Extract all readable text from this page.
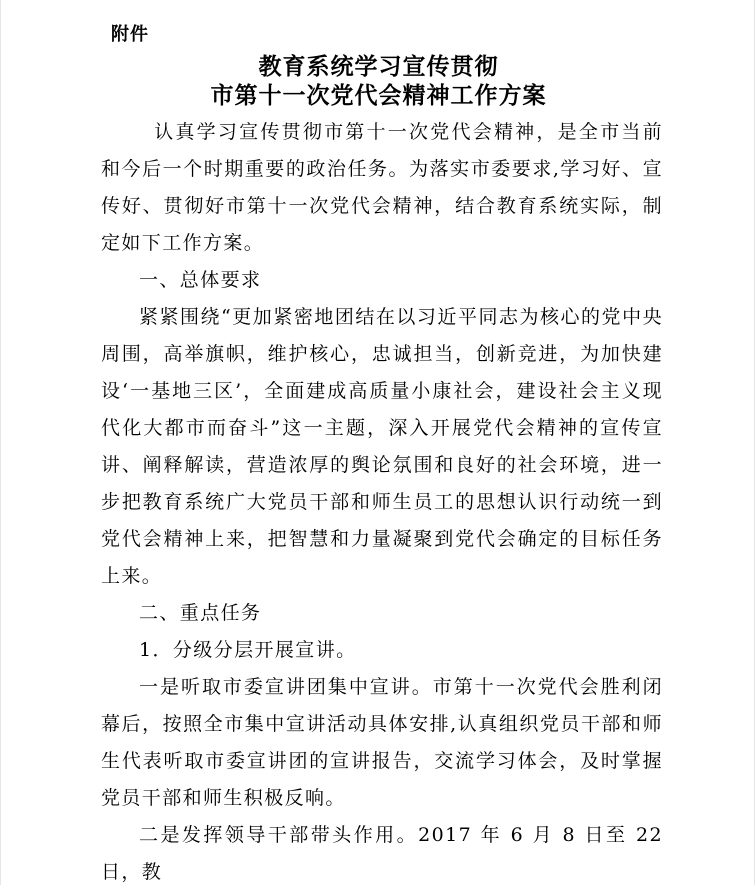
附件
教育系统学习宣传贯彻
市第十一次党代会精神工作方案

认真学习宣传贯彻市第十一次党代会精神，是全市当前和今后一个时期重要的政治任务。为落实市委要求,学习好、宣传好、贯彻好市第十一次党代会精神，结合教育系统实际，制定如下工作方案。

一、总体要求

紧紧围绕“更加紧密地团结在以习近平同志为核心的党中央周围，高举旗帜，维护核心，忠诚担当，创新竞进，为加快建设‘一基地三区’，全面建成高质量小康社会，建设社会主义现代化大都市而奋斗”这一主题，深入开展党代会精神的宣传宣讲、阐释解读，营造浓厚的舆论氛围和良好的社会环境，进一步把教育系统广大党员干部和师生员工的思想认识行动统一到党代会精神上来，把智慧和力量凝聚到党代会确定的目标任务上来。

二、重点任务

1．分级分层开展宣讲。

一是听取市委宣讲团集中宣讲。市第十一次党代会胜利闭幕后，按照全市集中宣讲活动具体安排,认真组织党员干部和师生代表听取市委宣讲团的宣讲报告，交流学习体会，及时掌握党员干部和师生积极反响。

二是发挥领导干部带头作用。2017 年 6 月 8 日至 22 日，教
